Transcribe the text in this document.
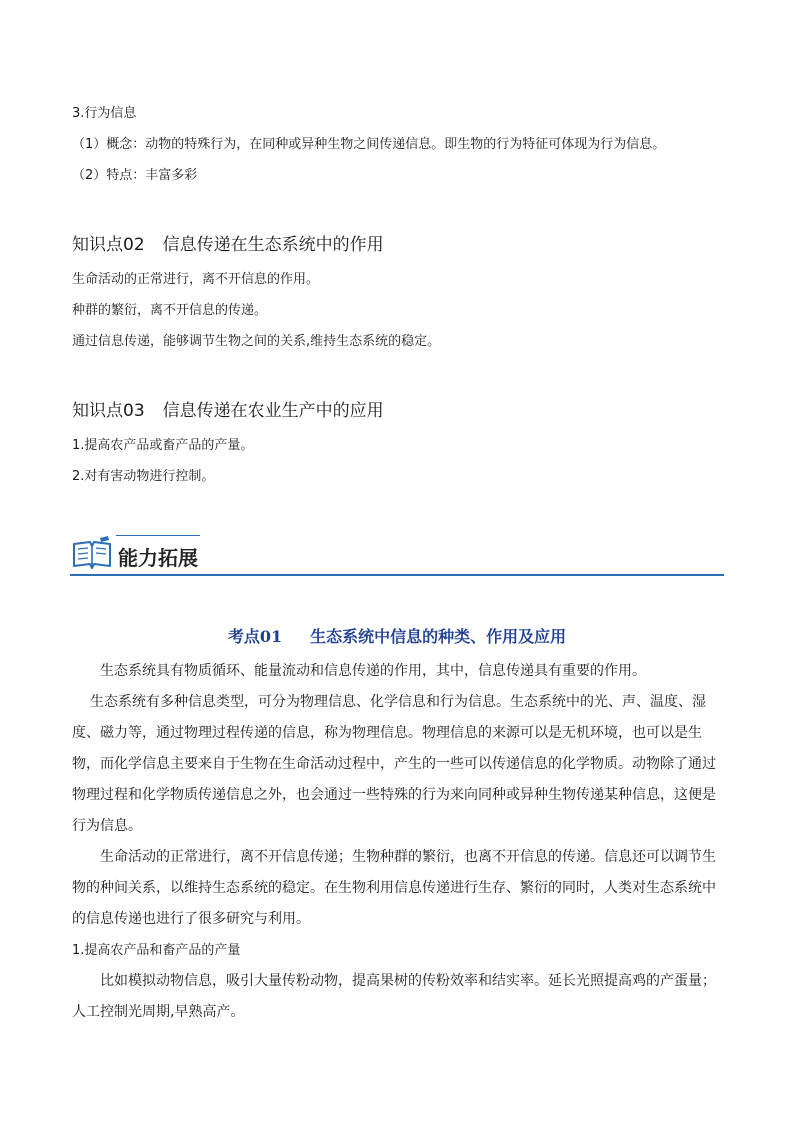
3.行为信息
（1）概念：动物的特殊行为，在同种或异种生物之间传递信息。即生物的行为特征可体现为行为信息。
（2）特点：丰富多彩
知识点02 信息传递在生态系统中的作用
生命活动的正常进行，离不开信息的作用。
种群的繁衍，离不开信息的传递。
通过信息传递，能够调节生物之间的关系,维持生态系统的稳定。
知识点03 信息传递在农业生产中的应用
1.提高农产品或畜产品的产量。
2.对有害动物进行控制。
能力拓展
考点01 生态系统中信息的种类、作用及应用

生态系统具有物质循环、能量流动和信息传递的作用，其中，信息传递具有重要的作用。

生态系统有多种信息类型，可分为物理信息、化学信息和行为信息。生态系统中的光、声、温度、湿度、磁力等，通过物理过程传递的信息，称为物理信息。物理信息的来源可以是无机环境，也可以是生物，而化学信息主要来自于生物在生命活动过程中，产生的一些可以传递信息的化学物质。动物除了通过物理过程和化学物质传递信息之外，也会通过一些特殊的行为来向同种或异种生物传递某种信息，这便是行为信息。

生命活动的正常进行，离不开信息传递；生物种群的繁衍，也离不开信息的传递。信息还可以调节生物的种间关系，以维持生态系统的稳定。在生物利用信息传递进行生存、繁衍的同时，人类对生态系统中的信息传递也进行了很多研究与利用。

1.提高农产品和畜产品的产量

比如模拟动物信息，吸引大量传粉动物，提高果树的传粉效率和结实率。延长光照提高鸡的产蛋量；人工控制光周期,早熟高产。
